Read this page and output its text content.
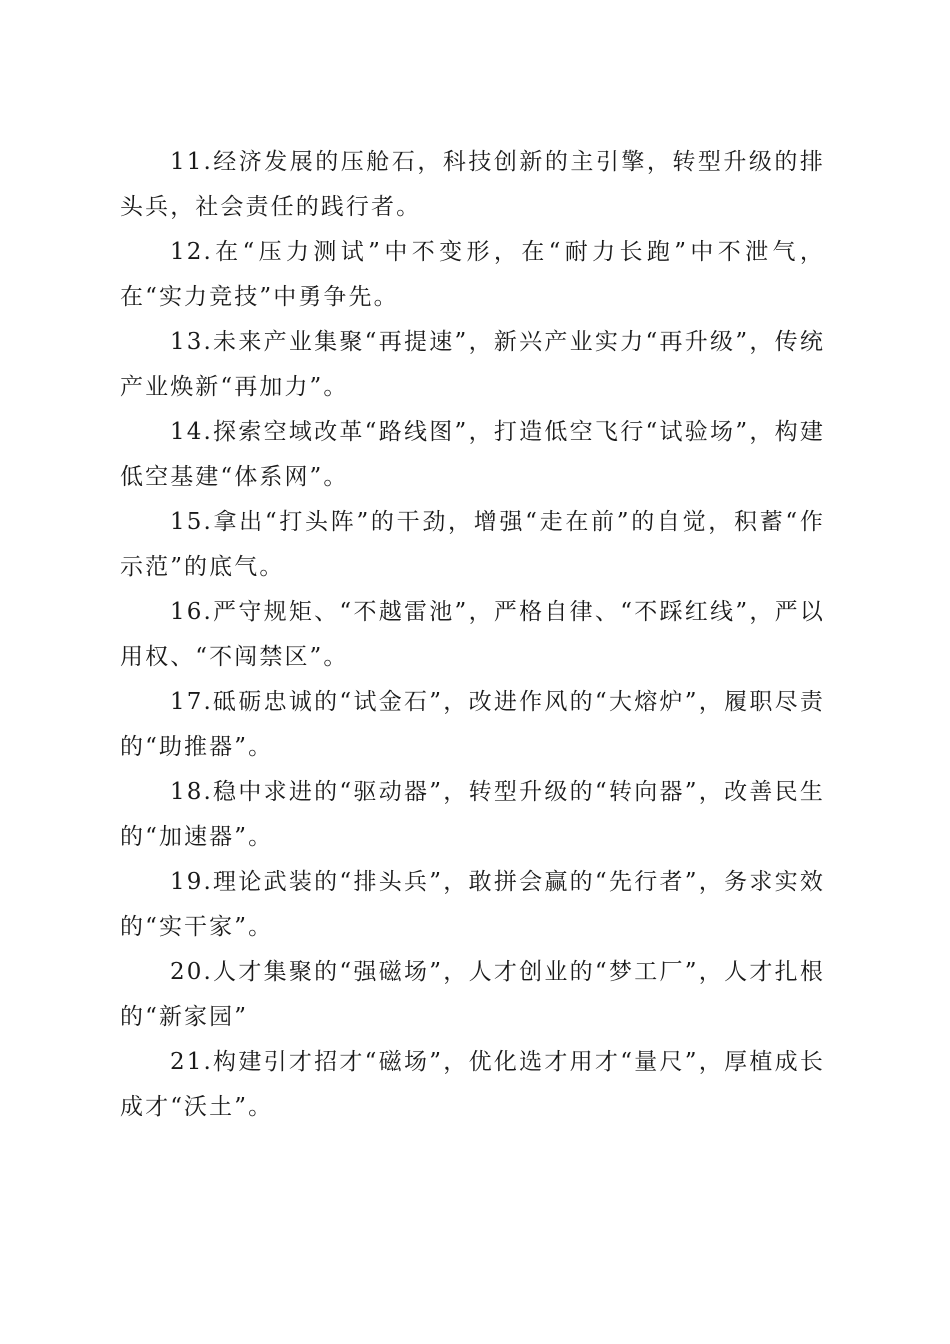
11.经济发展的压舱石，科技创新的主引擎，转型升级的排头兵，社会责任的践行者。

12.在“压力测试”中不变形，在“耐力长跑”中不泄气，在“实力竞技”中勇争先。

13.未来产业集聚“再提速”，新兴产业实力“再升级”，传统产业焕新“再加力”。

14.探索空域改革“路线图”，打造低空飞行“试验场”，构建低空基建“体系网”。

15.拿出“打头阵”的干劲，增强“走在前”的自觉，积蓄“作示范”的底气。

16.严守规矩、“不越雷池”，严格自律、“不踩红线”，严以用权、“不闯禁区”。

17.砥砺忠诚的“试金石”，改进作风的“大熔炉”，履职尽责的“助推器”。

18.稳中求进的“驱动器”，转型升级的“转向器”，改善民生的“加速器”。

19.理论武装的“排头兵”，敢拼会赢的“先行者”，务求实效的“实干家”。

20.人才集聚的“强磁场”，人才创业的“梦工厂”，人才扎根的“新家园”

21.构建引才招才“磁场”，优化选才用才“量尺”，厚植成长成才“沃土”。
